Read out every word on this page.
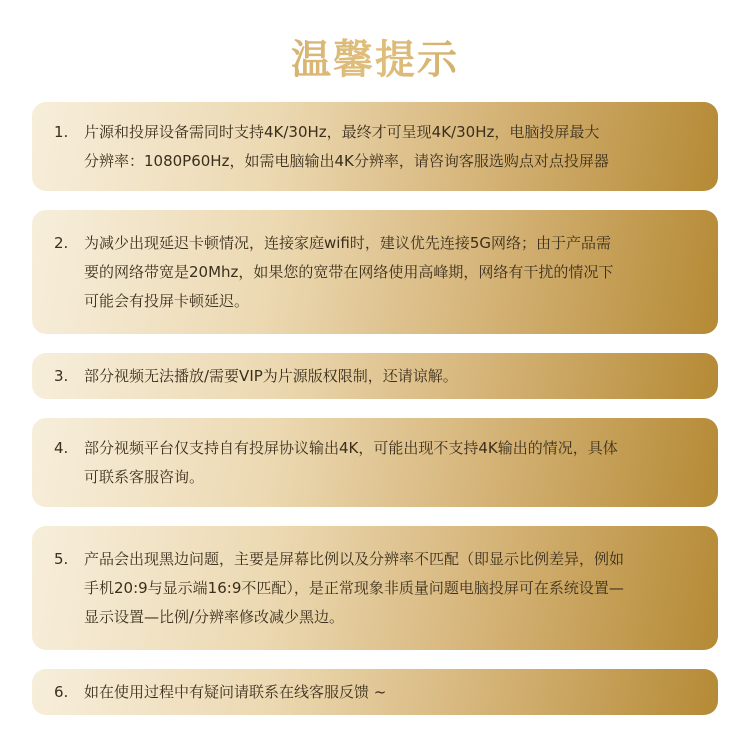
温馨提示
1.	片源和投屏设备需同时支持4K/30Hz，最终才可呈现4K/30Hz，电脑投屏最大
分辨率：1080P60Hz，如需电脑输出4K分辨率，请咨询客服选购点对点投屏器
2.	为减少出现延迟卡顿情况，连接家庭wifi时，建议优先连接5G网络；由于产品需
要的网络带宽是20Mhz，如果您的宽带在网络使用高峰期，网络有干扰的情况下
可能会有投屏卡顿延迟。
3.	部分视频无法播放/需要VIP为片源版权限制，还请谅解。
4.	部分视频平台仅支持自有投屏协议输出4K，可能出现不支持4K输出的情况，具体
可联系客服咨询。
5.	产品会出现黑边问题，主要是屏幕比例以及分辨率不匹配（即显示比例差异，例如
手机20:9与显示端16:9不匹配），是正常现象非质量问题电脑投屏可在系统设置—
显示设置—比例/分辨率修改减少黑边。
6.	如在使用过程中有疑问请联系在线客服反馈 ~
